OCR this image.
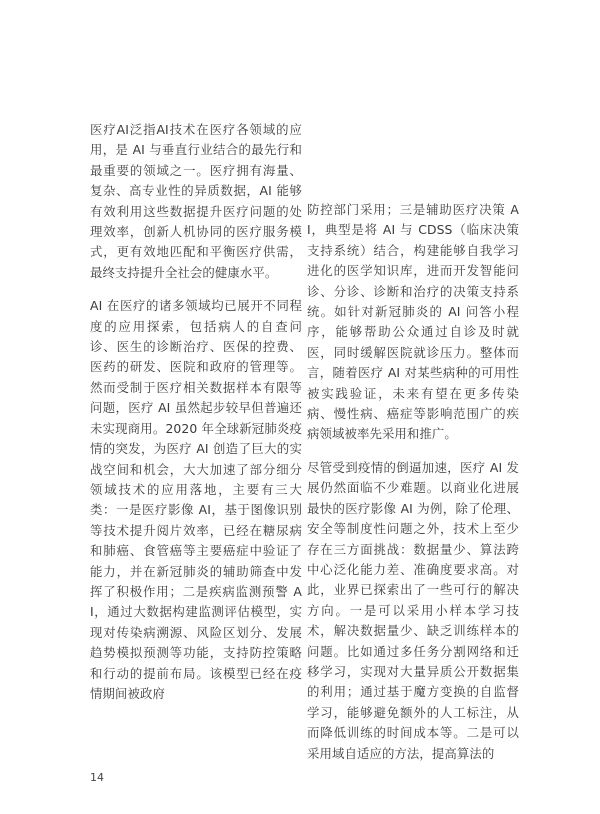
医疗AI泛指AI技术在医疗各领域的应用，是 AI 与垂直行业结合的最先行和最重要的领域之一。医疗拥有海量、复杂、高专业性的异质数据，AI 能够有效利用这些数据提升医疗问题的处理效率，创新人机协同的医疗服务模式，更有效地匹配和平衡医疗供需，最终支持提升全社会的健康水平。

AI 在医疗的诸多领域均已展开不同程度的应用探索，包括病人的自查问诊、医生的诊断治疗、医保的控费、医药的研发、医院和政府的管理等。然而受制于医疗相关数据样本有限等问题，医疗 AI 虽然起步较早但普遍还未实现商用。2020 年全球新冠肺炎疫情的突发，为医疗 AI 创造了巨大的实战空间和机会，大大加速了部分细分领域技术的应用落地，主要有三大类：一是医疗影像 AI，基于图像识别等技术提升阅片效率，已经在糖尿病和肺癌、食管癌等主要癌症中验证了能力，并在新冠肺炎的辅助筛查中发挥了积极作用；二是疾病监测预警 AI，通过大数据构建监测评估模型，实现对传染病溯源、风险区划分、发展趋势模拟预测等功能，支持防控策略和行动的提前布局。该模型已经在疫情期间被政府

防控部门采用；三是辅助医疗决策 AI，典型是将 AI 与 CDSS（临床决策支持系统）结合，构建能够自我学习进化的医学知识库，进而开发智能问诊、分诊、诊断和治疗的决策支持系统。如针对新冠肺炎的 AI 问答小程序，能够帮助公众通过自诊及时就医，同时缓解医院就诊压力。整体而言，随着医疗 AI 对某些病种的可用性被实践验证，未来有望在更多传染病、慢性病、癌症等影响范围广的疾病领域被率先采用和推广。

尽管受到疫情的倒逼加速，医疗 AI 发展仍然面临不少难题。以商业化进展最快的医疗影像 AI 为例，除了伦理、安全等制度性问题之外，技术上至少存在三方面挑战：数据量少、算法跨中心泛化能力差、准确度要求高。对此，业界已探索出了一些可行的解决方向。一是可以采用小样本学习技术，解决数据量少、缺乏训练样本的问题。比如通过多任务分割网络和迁移学习，实现对大量异质公开数据集的利用；通过基于魔方变换的自监督学习，能够避免额外的人工标注，从而降低训练的时间成本等。二是可以采用域自适应的方法，提高算法的

14
